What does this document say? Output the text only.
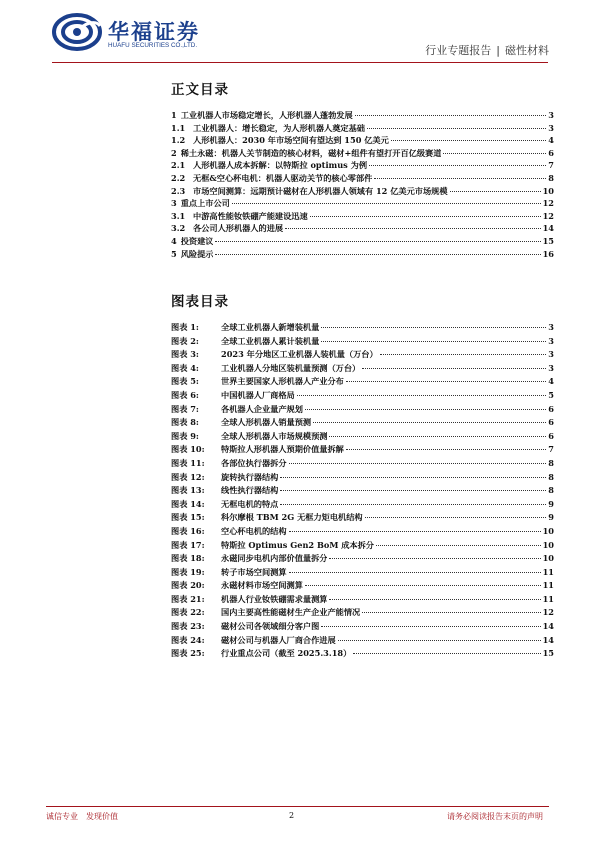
华福证券
HUAFU SECURITIES CO.,LTD.	行业专题报告 | 磁性材料
正文目录
1 工业机器人市场稳定增长，人形机器人蓬勃发展	3
1.1 工业机器人：增长稳定，为人形机器人奠定基础	3
1.2 人形机器人：2030 年市场空间有望达到 150 亿美元	4
2 稀土永磁：机器人关节制造的核心材料，磁材+组件有望打开百亿级赛道	6
2.1 人形机器人成本拆解：以特斯拉 optimus 为例	7
2.2 无框&空心杯电机：机器人驱动关节的核心零部件	8
2.3 市场空间测算：远期预计磁材在人形机器人领域有 12 亿美元市场规模	10
3 重点上市公司	12
3.1 中游高性能钕铁硼产能建设迅速	12
3.2 各公司人形机器人的进展	14
4 投资建议	15
5 风险提示	16
图表目录
图表 1:	全球工业机器人新增装机量	3
图表 2:	全球工业机器人累计装机量	3
图表 3:	2023 年分地区工业机器人装机量（万台）	3
图表 4:	工业机器人分地区装机量预测（万台）	3
图表 5:	世界主要国家人形机器人产业分布	4
图表 6:	中国机器人厂商格局	5
图表 7:	各机器人企业量产规划	6
图表 8:	全球人形机器人销量预测	6
图表 9:	全球人形机器人市场规模预测	6
图表 10:	特斯拉人形机器人预期价值量拆解	7
图表 11:	各部位执行器拆分	8
图表 12:	旋转执行器结构	8
图表 13:	线性执行器结构	8
图表 14:	无框电机的特点	9
图表 15:	科尔摩根 TBM 2G 无框力矩电机结构	9
图表 16:	空心杯电机的结构	10
图表 17:	特斯拉 Optimus Gen2 BoM 成本拆分	10
图表 18:	永磁同步电机内部价值量拆分	10
图表 19:	转子市场空间测算	11
图表 20:	永磁材料市场空间测算	11
图表 21:	机器人行业钕铁硼需求量测算	11
图表 22:	国内主要高性能磁材生产企业产能情况	12
图表 23:	磁材公司各领域细分客户图	14
图表 24:	磁材公司与机器人厂商合作进展	14
图表 25:	行业重点公司（截至 2025.3.18）	15
诚信专业 发现价值	2	请务必阅读报告末页的声明
